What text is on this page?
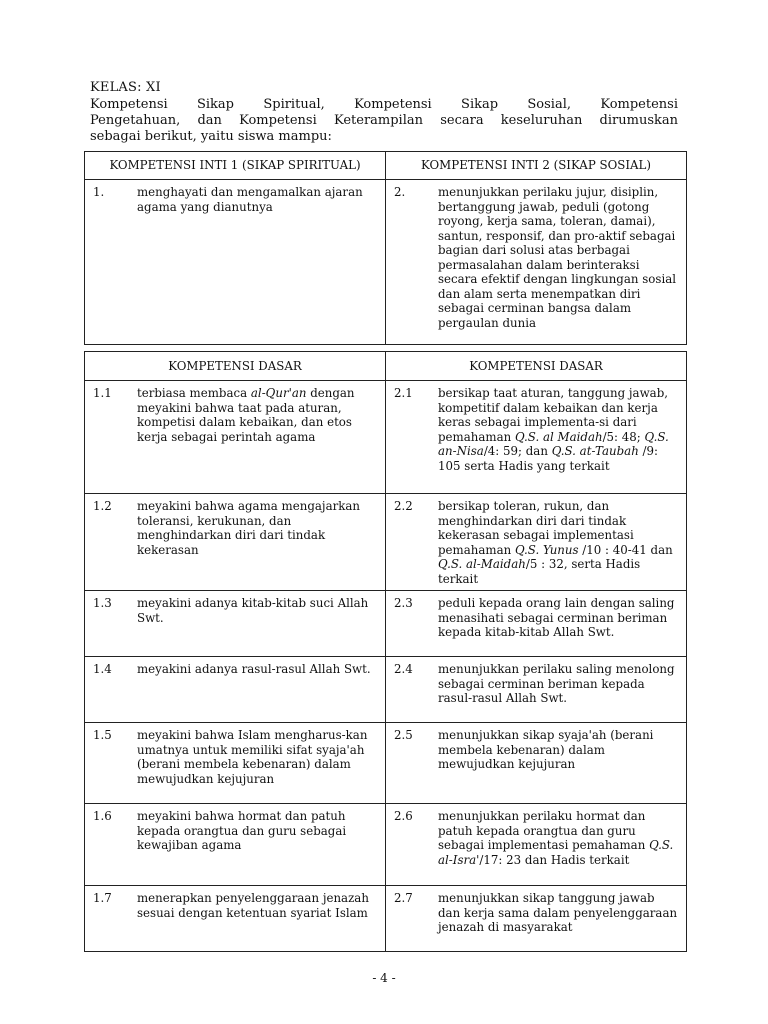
KELAS: XI
Kompetensi Sikap Spiritual, Kompetensi Sikap Sosial, Kompetensi
Pengetahuan, dan Kompetensi Keterampilan secara keseluruhan dirumuskan
sebagai berikut, yaitu siswa mampu:
KOMPETENSI INTI 1 (SIKAP SPIRITUAL)	KOMPETENSI INTI 2 (SIKAP SOSIAL)

1. menghayati dan mengamalkan ajaran agama yang dianutnya	2. menunjukkan perilaku jujur, disiplin, bertanggung jawab, peduli (gotong royong, kerja sama, toleran, damai), santun, responsif, dan pro-aktif sebagai bagian dari solusi atas berbagai permasalahan dalam berinteraksi secara efektif dengan lingkungan sosial dan alam serta menempatkan diri sebagai cerminan bangsa dalam pergaulan dunia
KOMPETENSI DASAR	KOMPETENSI DASAR

1.1 terbiasa membaca al-Qur'an dengan meyakini bahwa taat pada aturan, kompetisi dalam kebaikan, dan etos kerja sebagai perintah agama	2.1 bersikap taat aturan, tanggung jawab, kompetitif dalam kebaikan dan kerja keras sebagai implementa-si dari pemahaman Q.S. al Maidah/5: 48; Q.S. an-Nisa/4: 59; dan Q.S. at-Taubah /9: 105 serta Hadis yang terkait

1.2 meyakini bahwa agama mengajarkan toleransi, kerukunan, dan menghindarkan diri dari tindak kekerasan	2.2 bersikap toleran, rukun, dan menghindarkan diri dari tindak kekerasan sebagai implementasi pemahaman Q.S. Yunus /10 : 40-41 dan Q.S. al-Maidah/5 : 32, serta Hadis terkait

1.3 meyakini adanya kitab-kitab suci Allah Swt.	2.3 peduli kepada orang lain dengan saling menasihati sebagai cerminan beriman kepada kitab-kitab Allah Swt.

1.4 meyakini adanya rasul-rasul Allah Swt.	2.4 menunjukkan perilaku saling menolong sebagai cerminan beriman kepada rasul-rasul Allah Swt.

1.5 meyakini bahwa Islam mengharus-kan umatnya untuk memiliki sifat syaja'ah (berani membela kebenaran) dalam mewujudkan kejujuran	2.5 menunjukkan sikap syaja'ah (berani membela kebenaran) dalam mewujudkan kejujuran

1.6 meyakini bahwa hormat dan patuh kepada orangtua dan guru sebagai kewajiban agama	2.6 menunjukkan perilaku hormat dan patuh kepada orangtua dan guru sebagai implementasi pemahaman Q.S. al-Isra'/17: 23 dan Hadis terkait

1.7 menerapkan penyelenggaraan jenazah sesuai dengan ketentuan syariat Islam	2.7 menunjukkan sikap tanggung jawab dan kerja sama dalam penyelenggaraan jenazah di masyarakat
- 4 -
